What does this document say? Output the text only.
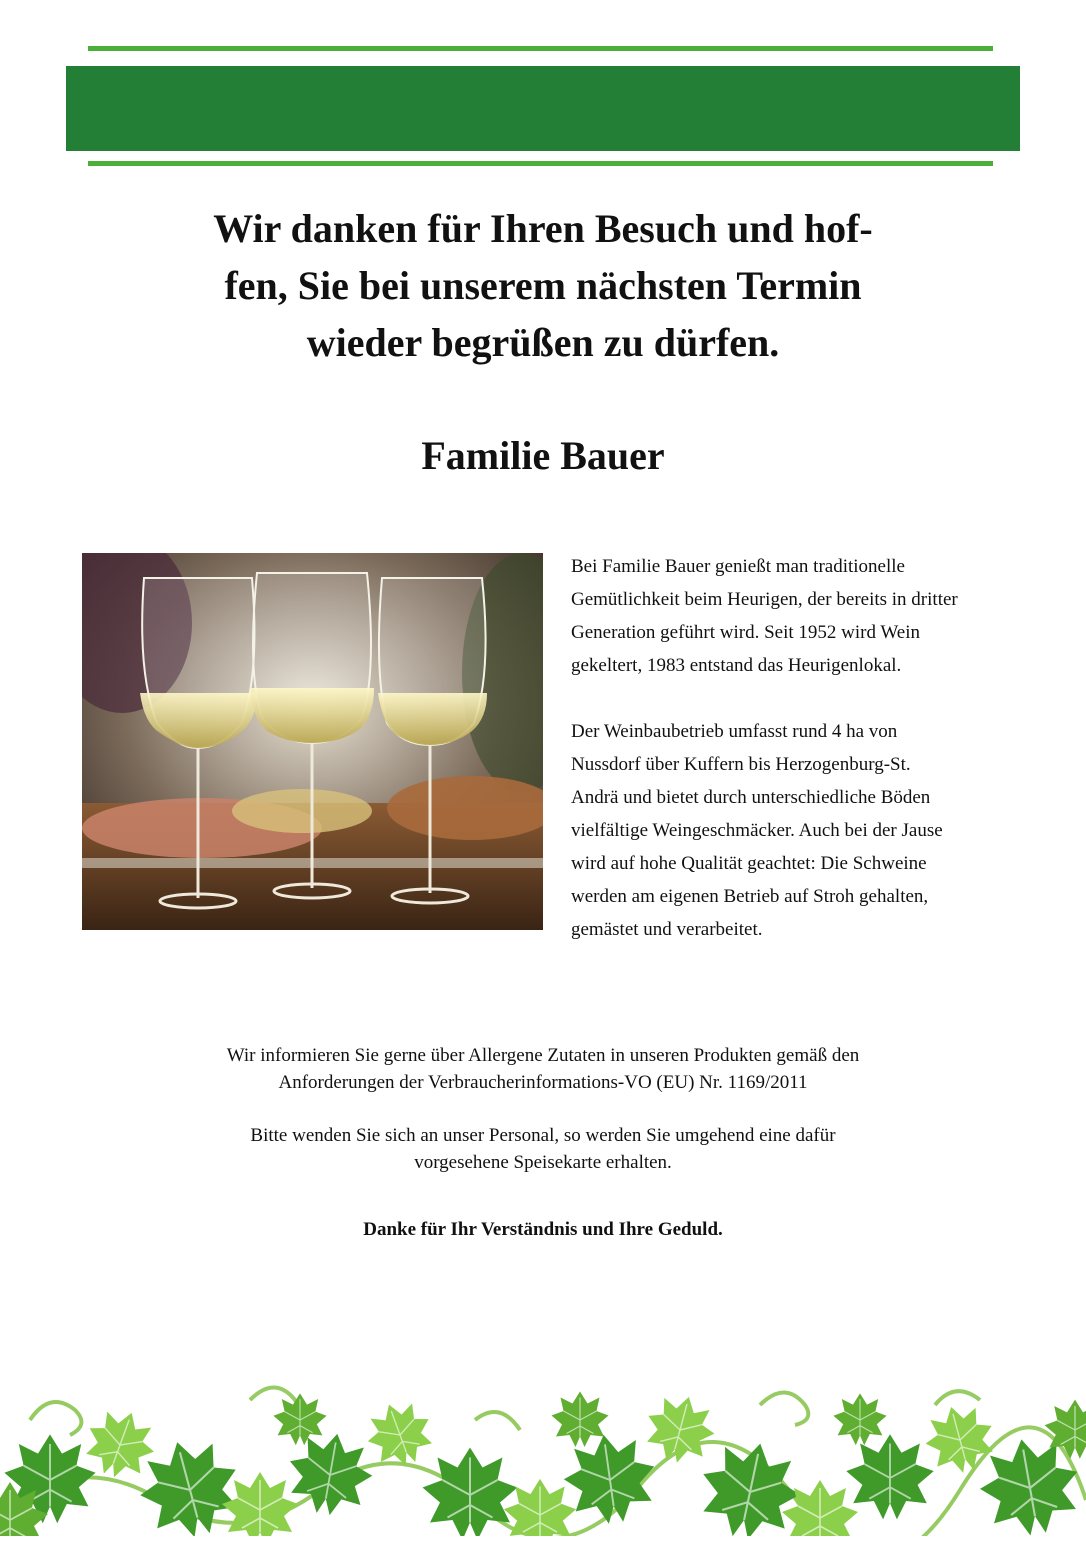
Wir danken für Ihren Besuch und hof-
fen, Sie bei unserem nächsten Termin
wieder begrüßen zu dürfen.
Familie Bauer

Bei Familie Bauer genießt man traditionelle
Gemütlichkeit beim Heurigen, der bereits in dritter
Generation geführt wird. Seit 1952 wird Wein
gekeltert, 1983 entstand das Heurigenlokal.

Der Weinbaubetrieb umfasst rund 4 ha von
Nussdorf über Kuffern bis Herzogenburg-St.
Andrä und bietet durch unterschiedliche Böden
vielfältige Weingeschmäcker. Auch bei der Jause
wird auf hohe Qualität geachtet: Die Schweine
werden am eigenen Betrieb auf Stroh gehalten,
gemästet und verarbeitet.

Wir informieren Sie gerne über Allergene Zutaten in unseren Produkten gemäß den
Anforderungen der Verbraucherinformations-VO (EU) Nr. 1169/2011

Bitte wenden Sie sich an unser Personal, so werden Sie umgehend eine dafür
vorgesehene Speisekarte erhalten.

Danke für Ihr Verständnis und Ihre Geduld.
